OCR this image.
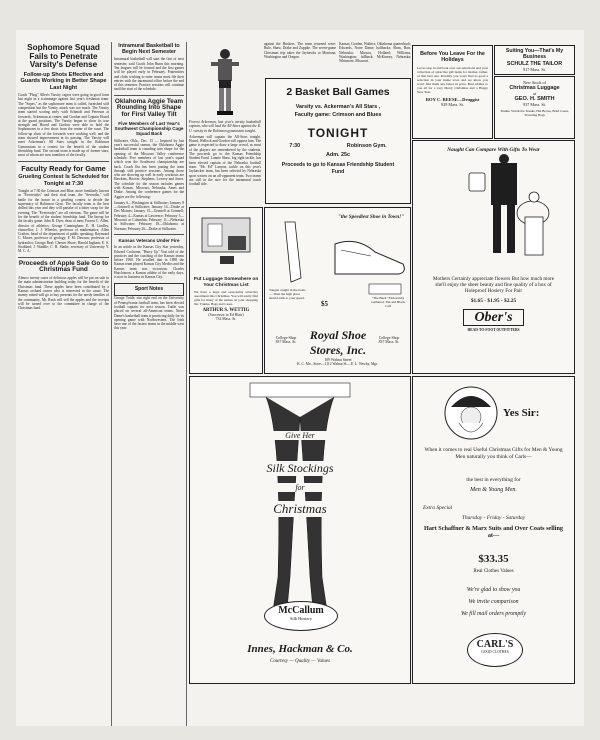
Sophomore Squad Fails to Penetrate Varsity's Defense
Follow-up Shots Effective and Guards Working in Better Shape Last Night

Coach "Phog" Allen's Varsity cagers were going in good form last night in a scrimmage against last year's freshman team. The "Sopes," as the sophomore team is called, furnished stiff competition but the Varsity attack was too much. The Varsity team started scoring early with Schmidt and Peterson at forwards, Ackerman at center, and Gordon and Captain Hoard at the guard positions. The Varsity began to show its true strength and Hoard and Gordon were able to hold the Sophomores to a few shots from the center of the court. The follow-up shots of the forwards were working well, and the team showed improvement in its passing. The Varsity will meet Ackerman's All Stars tonight in the Robinson Gymnasium in a contest for the benefit of the student friendship fund. The second team is made up of former stars, most of whom are now members of the faculty.

Faculty Ready for Game
Grueling Contest Is Scheduled for Tonight at 7:30

Tonight at 7:30 the Crimson and Blue, more familiarly known as "Everreadys" and their rival team, the "Sevenths," will battle for the honor in a grueling contest to decide the supremacy of Robinson Gym. The faculty team is the best drilled this year and they will partake of a bitter scrap for the evening. The "Everreadys" are all veterans. The game will be for the benefit of the student friendship fund. The lineup for the faculty game: John B. Dyer, dean of men; Forrest C. Allen, director of athletics; George Cunningham; E. H. Lindley, chancellor; J. J. Wheeler, professor of mathematics; Allen Crafton, head of the department of public speaking; Raymond C. Moore, professor of geology; F. M. Dawson, professor of hydraulics; George Beal; Chester Shore; Harold Ingham; E. S. Stoddard; J. Waddle; C. B. Slathe, secretary of University Y. M. C. A.

Proceeds of Apple Sale Go to Christmas Fund

Almost twenty cases of delicious apples will be put on sale in the main administration building today for the benefit of the Christmas fund. These apples have been contributed by a Kansas orchard owner who is interested in the cause. The money raised will go to buy presents for the needy families of the community. Mr. Rush will sell the apples and the receipts will be turned over to the committee in charge of the Christmas fund.

Intramural Basketball to Begin Next Semester

Intramural basketball will start the first of next semester, said Coach John Bunn this morning. Ten leagues will be formed and the first games will be played early in February. Fraternities and clubs wishing to enter teams must file their entries with the intramural office before the end of this semester. Practice sessions will continue until the start of the schedule.

Oklahoma Aggie Team Rounding Into Shape for First Valley Tilt
Five Members of Last Year's Southwest Championship Cage Squad Back

Stillwater, Okla., Dec. 15 — Inspired by last year's successful season, the Oklahoma Aggie basketball team is rounding into shape for the opening of the Missouri Valley conference schedule. Five members of last year's squad which won the Southwest championship are back. Coach Iba has been putting the team through stiff practice sessions. Among those who are showing up well in early workouts are Hawkins, Hoover, Stephens, Lowery and Jones. The schedule for the season includes games with Kansas, Missouri, Nebraska, Ames and Drake. Among the conference games for the Aggies are the following:

January 6—Washington at Stillwater; January 8—Grinnell at Stillwater; January 14—Drake at Des Moines; January 15—Grinnell at Grinnell; February 4—Kansas at Lawrence; February 5—Missouri at Columbia; February 11—Nebraska at Stillwater; February 18—Oklahoma at Norman; February 26—Drake at Stillwater.

Kansas Veterans Under Fire

In an article in the Kansas City Star yesterday, Edward Cochrane, "Hurry Up" Yost told of the practices and the coaching of the Kansas teams before 1900. He recalled that in 1898 the Kansas team played Kansas City Medics and the Kansas team was victorious. Charles Hutchinson, a Kansas athlete of the early days, is now in business in Kansas City.

Sport Notes

George Tuttle, star right end on the University of Pennsylvania football team, has been elected football captain for next season. Tuttle was placed on several all-American teams. Notre Dame's basketball team is practicing daily for its opening game with Northwestern. The Irish have one of the fastest teams in the middle west this year.

Forrest Ackerman, last year's varsity basketball captain, who will lead the All-Stars against the K. U. varsity in the Robinson gymnasium tonight.

Ackerman will captain the All-Stars tonight. Hoard, Wellock and Gordon will oppose him. The game is expected to draw a large crowd, as most of the players are remembered by the students. The proceeds go to the Kansas Friendship Student Fund. Lonnie Shaw, big right tackle, has been elected captain of the Nebraska football team. "Mr. Ed" Lanyon, tackle on this year's Jayhawker team, has been selected by Nebraska sport writers on an all-opponent team. Two teams are still in the race for the intramural touch football title.

against the Huskers. The team returned were: Rule, Shaw, Drake and Zuppke. The seven-game Christmas trip takes the Jayhawks to Montana, Washington and Oregon.

Kansas; Gorden, Wallace, Oklahoma quarterback; Edwards, Notre Dame; halfbacks; Shaw, Barr, Nebraska; Mizzou, Holland; Williams, Washington; fullback; McKinney, Nebraska; Whitmore, Missouri.

2 Basket Ball Games
Varsity vs. Ackerman's All Stars ,
Faculty game: Crimson and Blues
TONIGHT
7:30	Robinson Gym.
Adm. 25c
Proceeds to go to Kansas Friendship Student Fund
Before You Leave For the Holidays

Let us stop in and look over our selections and your collection of attractive gift items for mother, father, or that best one. Possibly you won't find as good a selection in your home town and we know you won't find them any better in price. Best wishes to you all for a very Merry Christmas and a Happy New Year.

ROY C. REESE—Druggist
929 Mass. St.
Suiting You—That's My Business
SCHULZ THE TAILOR
917 Mass. St.
New Stock of
Christmas Luggage
at
GEO. H. SMITH
937 Mass. St.

Trunks, Wardrobe Trunks, Hat Boxes, Brief Cases, Traveling Bags

Naught Can Compare With Gifts To Wear

Mothers Certainly appreciate flowers But how much more she'll enjoy the sheer beauty and fine quality of a box of Holeproof Hosiery For Pair

$1.65 - $1.95 - $2.25
Ober's
HEAD-TO-FOOT OUTFITTERS
Put Luggage Somewhere on Your Christmas List

We have a large and seasonably attractive assortment this Christmas. You will easily find gifts for many of the names on your shopping list. Trunks, Bags and Cases.

ARTHUR S. WETTIG
(Successor to Ed Blair)
732 Mass. St.
"the Speediest Shoe in Town!"
Tongue caught in the holes — Then the high place mould adds to your speed.	"The Buzz" Elaborately Gathered, Tan and Black Calf
$5
College Shop
837 Mass. St.	Royal Shoe Stores, Inc.
109 Walnut Street
College Shop
837 Mass. St.
K. C. Mo., Store—1112 Walnut St.—E. L. Newby, Mgr.
Give Her
Silk Stockings
for
Christmas
McCallum
Silk Hosiery
Innes, Hackman & Co.
Courtesy — Quality — Values
Yes Sir:

When it comes to real Useful Christmas Gifts for Men & Young Men naturally you think of Carls—

the best in everything for
Men & Young Men.
Extra Special
Thursday - Friday - Saturday

Hart Schaffner & Marx Suits and Over Coats selling at—

$33.35
Real Clothes Values
We're glad to show you
We invite comparison
We fill mail orders promptly
CARL'S
GOOD CLOTHES
